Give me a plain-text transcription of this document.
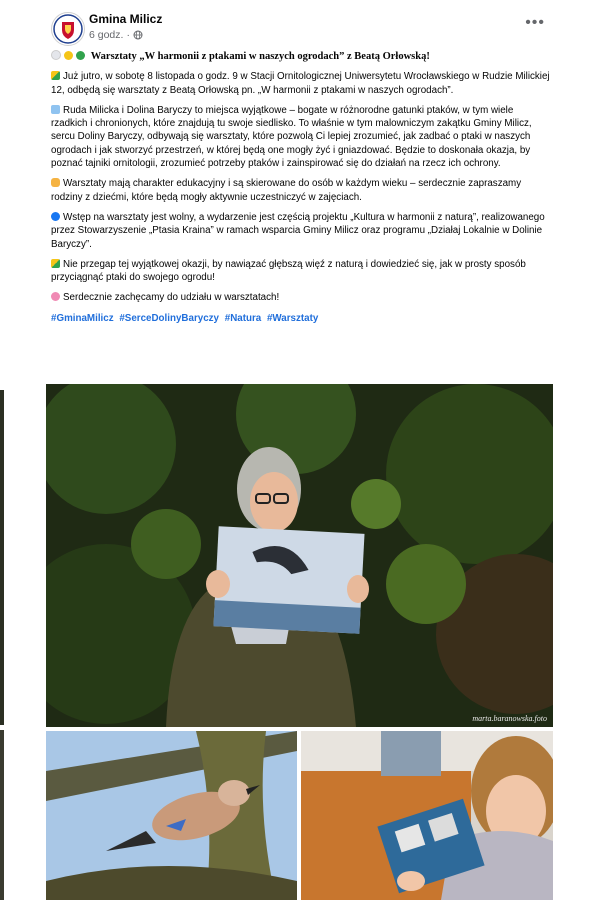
Gmina Milicz
6 godz. ·
•••

Warsztaty „W harmonii z ptakami w naszych ogrodach” z Beatą Orłowską!

Już jutro, w sobotę 8 listopada o godz. 9 w Stacji Ornitologicznej Uniwersytetu Wrocławskiego w Rudzie Milickiej 12, odbędą się warsztaty z Beatą Orłowską pn. „W harmonii z ptakami w naszych ogrodach”.

Ruda Milicka i Dolina Baryczy to miejsca wyjątkowe – bogate w różnorodne gatunki ptaków, w tym wiele rzadkich i chronionych, które znajdują tu swoje siedlisko. To właśnie w tym malowniczym zakątku Gminy Milicz, sercu Doliny Baryczy, odbywają się warsztaty, które pozwolą Ci lepiej zrozumieć, jak zadbać o ptaki w naszych ogrodach i jak stworzyć przestrzeń, w której będą one mogły żyć i gniazdować. Będzie to doskonała okazja, by poznać tajniki ornitologii, zrozumieć potrzeby ptaków i zainspirować się do działań na rzecz ich ochrony.

Warsztaty mają charakter edukacyjny i są skierowane do osób w każdym wieku – serdecznie zapraszamy rodziny z dziećmi, które będą mogły aktywnie uczestniczyć w zajęciach.

Wstęp na warsztaty jest wolny, a wydarzenie jest częścią projektu „Kultura w harmonii z naturą”, realizowanego przez Stowarzyszenie „Ptasia Kraina” w ramach wsparcia Gminy Milicz oraz programu „Działaj Lokalnie w Dolinie Baryczy”.

Nie przegap tej wyjątkowej okazji, by nawiązać głębszą więź z naturą i dowiedzieć się, jak w prosty sposób przyciągnąć ptaki do swojego ogrodu!

Serdecznie zachęcamy do udziału w warsztatach!

#GminaMilicz #SerceDolinyBaryczy #Natura #Warsztaty

marta.baranowska.foto
